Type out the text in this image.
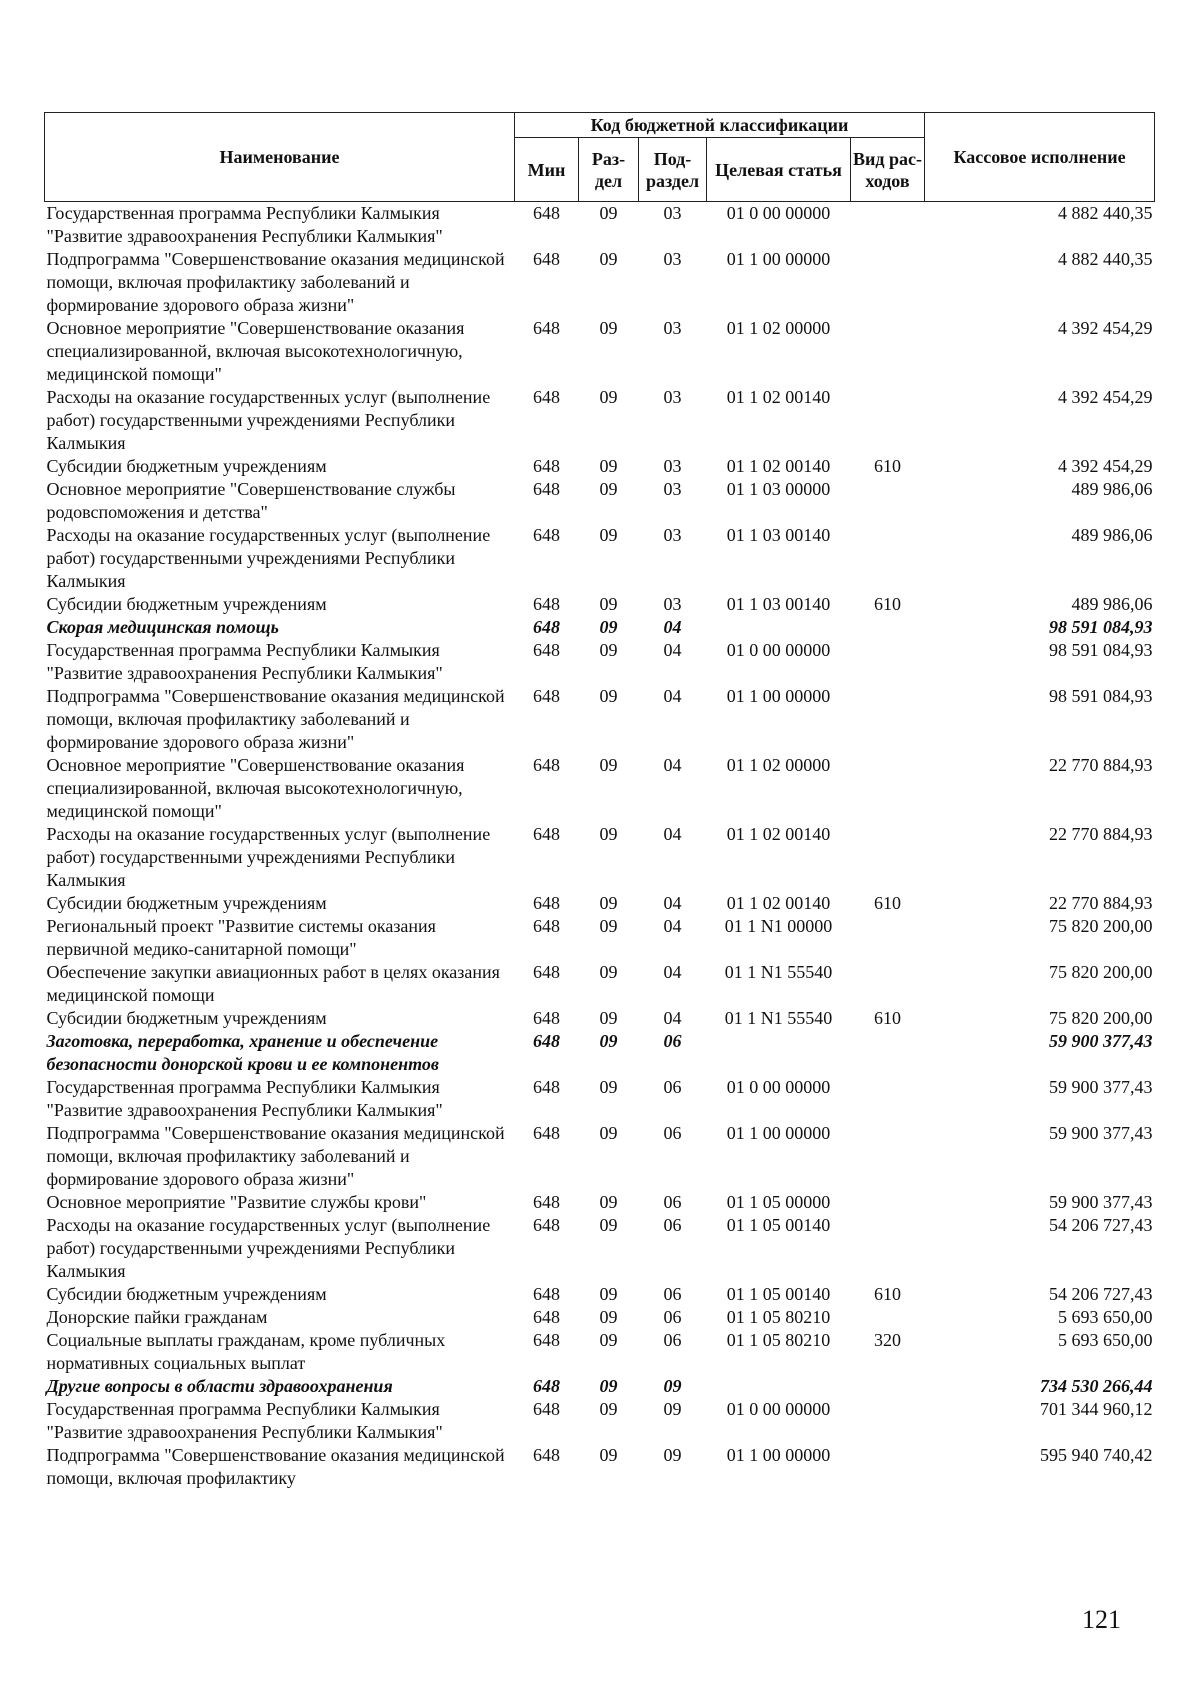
Наименование	Код бюджетной классификации					Кассовое исполнение
	Мин	Раз-дел	Под-раздел	Целевая статья	Вид рас-ходов	
Государственная программа Республики Калмыкия "Развитие здравоохранения Республики Калмыкия"	648	09	03	01 0 00 00000		4 882 440,35
Подпрограмма "Совершенствование оказания медицинской помощи, включая профилактику заболеваний и формирование здорового образа жизни"	648	09	03	01 1 00 00000		4 882 440,35
Основное мероприятие "Совершенствование оказания специализированной, включая высокотехнологичную, медицинской помощи"	648	09	03	01 1 02 00000		4 392 454,29
Расходы на оказание государственных услуг (выполнение работ) государственными учреждениями Республики Калмыкия	648	09	03	01 1 02 00140		4 392 454,29
Субсидии бюджетным учреждениям	648	09	03	01 1 02 00140	610	4 392 454,29
Основное мероприятие "Совершенствование службы родовспоможения и детства"	648	09	03	01 1 03 00000		489 986,06
Расходы на оказание государственных услуг (выполнение работ) государственными учреждениями Республики Калмыкия	648	09	03	01 1 03 00140		489 986,06
Субсидии бюджетным учреждениям	648	09	03	01 1 03 00140	610	489 986,06
Скорая медицинская помощь	648	09	04			98 591 084,93
Государственная программа Республики Калмыкия "Развитие здравоохранения Республики Калмыкия"	648	09	04	01 0 00 00000		98 591 084,93
Подпрограмма "Совершенствование оказания медицинской помощи, включая профилактику заболеваний и формирование здорового образа жизни"	648	09	04	01 1 00 00000		98 591 084,93
Основное мероприятие "Совершенствование оказания специализированной, включая высокотехнологичную, медицинской помощи"	648	09	04	01 1 02 00000		22 770 884,93
Расходы на оказание государственных услуг (выполнение работ) государственными учреждениями Республики Калмыкия	648	09	04	01 1 02 00140		22 770 884,93
Субсидии бюджетным учреждениям	648	09	04	01 1 02 00140	610	22 770 884,93
Региональный проект "Развитие системы оказания первичной медико-санитарной помощи"	648	09	04	01 1 N1 00000		75 820 200,00
Обеспечение закупки авиационных работ в целях оказания медицинской помощи	648	09	04	01 1 N1 55540		75 820 200,00
Субсидии бюджетным учреждениям	648	09	04	01 1 N1 55540	610	75 820 200,00
Заготовка, переработка, хранение и обеспечение безопасности донорской крови и ее компонентов	648	09	06			59 900 377,43
Государственная программа Республики Калмыкия "Развитие здравоохранения Республики Калмыкия"	648	09	06	01 0 00 00000		59 900 377,43
Подпрограмма "Совершенствование оказания медицинской помощи, включая профилактику заболеваний и формирование здорового образа жизни"	648	09	06	01 1 00 00000		59 900 377,43
Основное мероприятие "Развитие службы крови"	648	09	06	01 1 05 00000		59 900 377,43
Расходы на оказание государственных услуг (выполнение работ) государственными учреждениями Республики Калмыкия	648	09	06	01 1 05 00140		54 206 727,43
Субсидии бюджетным учреждениям	648	09	06	01 1 05 00140	610	54 206 727,43
Донорские пайки гражданам	648	09	06	01 1 05 80210		5 693 650,00
Социальные выплаты гражданам, кроме публичных нормативных социальных выплат	648	09	06	01 1 05 80210	320	5 693 650,00
Другие вопросы в области здравоохранения	648	09	09			734 530 266,44
Государственная программа Республики Калмыкия "Развитие здравоохранения Республики Калмыкия"	648	09	09	01 0 00 00000		701 344 960,12
Подпрограмма "Совершенствование оказания медицинской помощи, включая профилактику	648	09	09	01 1 00 00000		595 940 740,42
121
